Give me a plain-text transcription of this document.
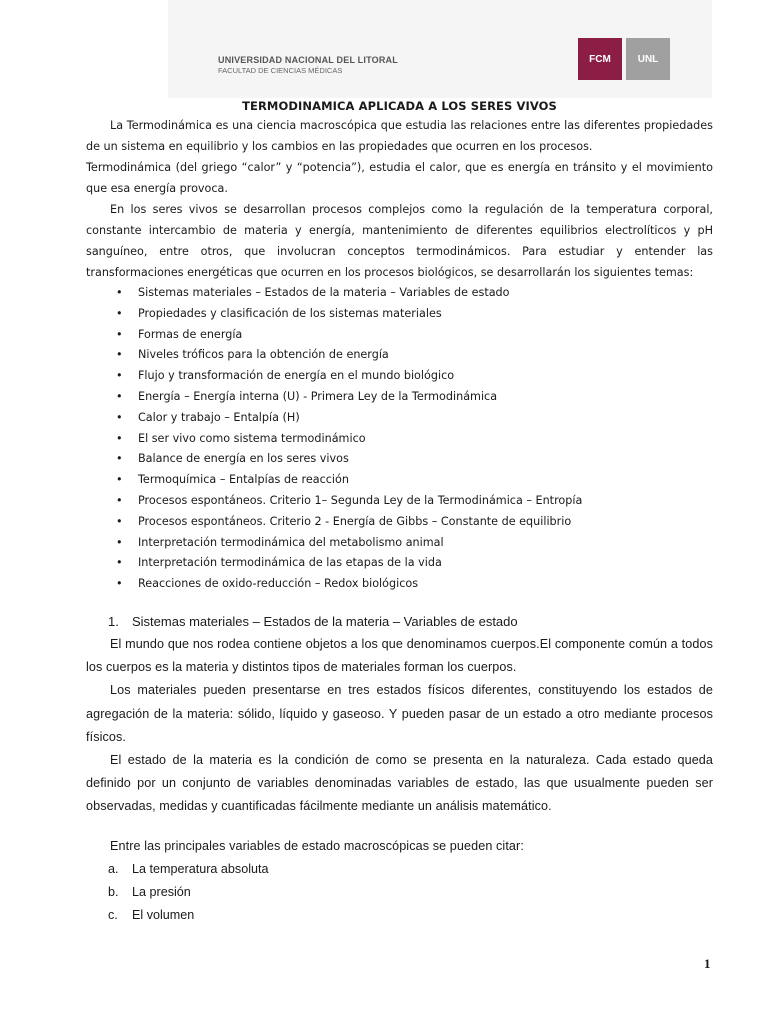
UNIVERSIDAD NACIONAL DEL LITORAL
FACULTAD DE CIENCIAS MÉDICAS
FCM	UNL
TERMODINAMICA APLICADA A LOS SERES VIVOS

La Termodinámica es una ciencia macroscópica que estudia las relaciones entre las diferentes propiedades de un sistema en equilibrio y los cambios en las propiedades que ocurren en los procesos.

Termodinámica (del griego “calor” y “potencia”), estudia el calor, que es energía en tránsito y el movimiento que esa energía provoca.

En los seres vivos se desarrollan procesos complejos como la regulación de la temperatura corporal, constante intercambio de materia y energía, mantenimiento de diferentes equilibrios electrolíticos y pH sanguíneo, entre otros, que involucran conceptos termodinámicos. Para estudiar y entender las transformaciones energéticas que ocurren en los procesos biológicos, se desarrollarán los siguientes temas:

• Sistemas materiales – Estados de la materia – Variables de estado
• Propiedades y clasificación de los sistemas materiales
• Formas de energía
• Niveles tróficos para la obtención de energía
• Flujo y transformación de energía en el mundo biológico
• Energía – Energía interna (U) - Primera Ley de la Termodinámica
• Calor y trabajo – Entalpía (H)
• El ser vivo como sistema termodinámico
• Balance de energía en los seres vivos
• Termoquímica – Entalpías de reacción
• Procesos espontáneos. Criterio 1– Segunda Ley de la Termodinámica – Entropía
• Procesos espontáneos. Criterio 2 - Energía de Gibbs – Constante de equilibrio
• Interpretación termodinámica del metabolismo animal
• Interpretación termodinámica de las etapas de la vida
• Reacciones de oxido-reducción – Redox biológicos
1. Sistemas materiales – Estados de la materia – Variables de estado

El mundo que nos rodea contiene objetos a los que denominamos cuerpos.El componente común a todos los cuerpos es la materia y distintos tipos de materiales forman los cuerpos.

Los materiales pueden presentarse en tres estados físicos diferentes, constituyendo los estados de agregación de la materia: sólido, líquido y gaseoso. Y pueden pasar de un estado a otro mediante procesos físicos.

El estado de la materia es la condición de como se presenta en la naturaleza. Cada estado queda definido por un conjunto de variables denominadas variables de estado, las que usualmente pueden ser observadas, medidas y cuantificadas fácilmente mediante un análisis matemático.

Entre las principales variables de estado macroscópicas se pueden citar:

a. La temperatura absoluta
b. La presión
c. El volumen
1
